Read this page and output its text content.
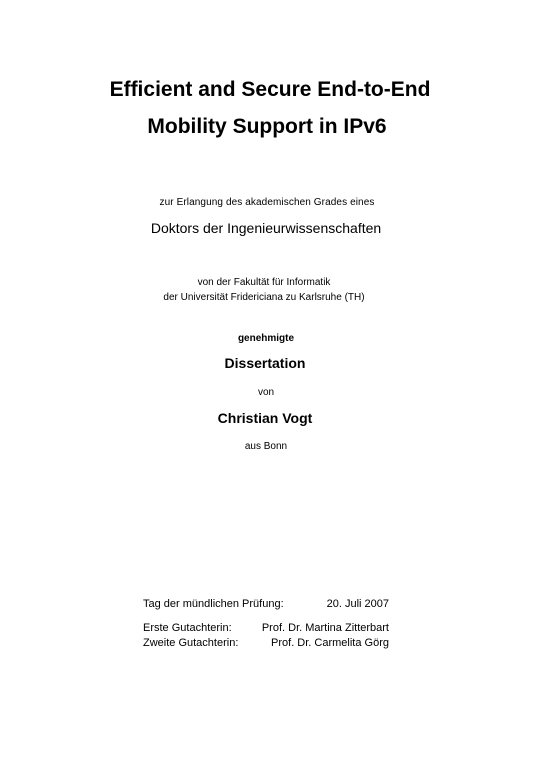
Efficient and Secure End-to-End
Mobility Support in IPv6
zur Erlangung des akademischen Grades eines
Doktors der Ingenieurwissenschaften
von der Fakultät für Informatik
der Universität Fridericiana zu Karlsruhe (TH)
genehmigte
Dissertation
von
Christian Vogt
aus Bonn
Tag der mündlichen Prüfung:	20. Juli 2007
Erste Gutachterin:	Prof. Dr. Martina Zitterbart
Zweite Gutachterin:	Prof. Dr. Carmelita Görg
